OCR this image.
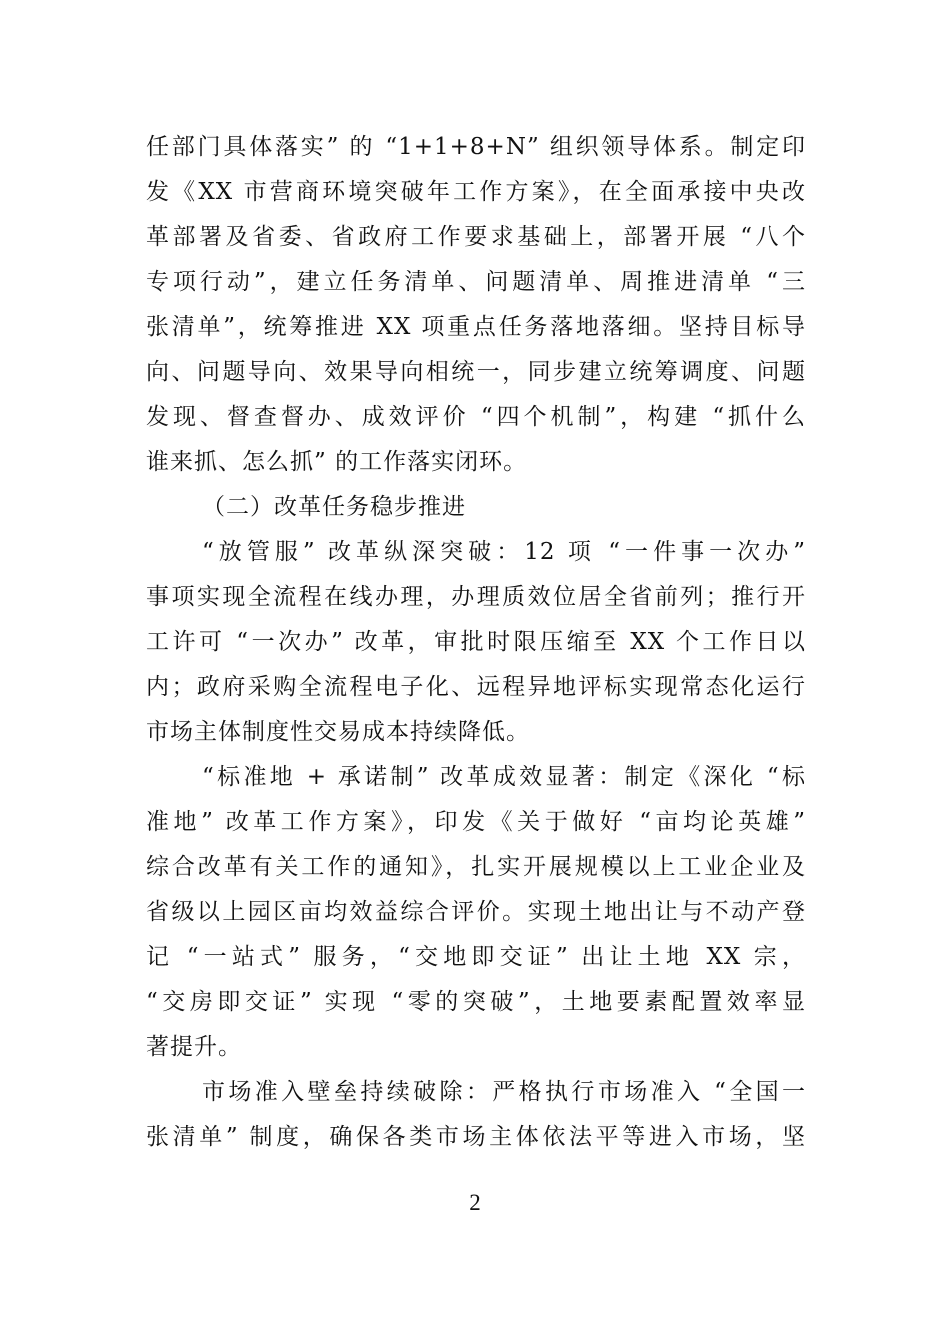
任部门具体落实” 的 “1+1+8+N” 组织领导体系。制定印
发《XX 市营商环境突破年工作方案》，在全面承接中央改
革部署及省委、省政府工作要求基础上，部署开展 “八个
专项行动”，建立任务清单、问题清单、周推进清单 “三
张清单”，统筹推进 XX 项重点任务落地落细。坚持目标导
向、问题导向、效果导向相统一，同步建立统筹调度、问题
发现、督查督办、成效评价 “四个机制”，构建 “抓什么
谁来抓、怎么抓” 的工作落实闭环。
（二）改革任务稳步推进
“放管服” 改革纵深突破：12 项 “一件事一次办”
事项实现全流程在线办理，办理质效位居全省前列；推行开
工许可 “一次办” 改革，审批时限压缩至 XX 个工作日以
内；政府采购全流程电子化、远程异地评标实现常态化运行
市场主体制度性交易成本持续降低。
“标准地 + 承诺制” 改革成效显著：制定《深化 “标
准地” 改革工作方案》，印发《关于做好 “亩均论英雄”
综合改革有关工作的通知》，扎实开展规模以上工业企业及
省级以上园区亩均效益综合评价。实现土地出让与不动产登
记 “一站式” 服务，“交地即交证” 出让土地 XX 宗，
“交房即交证” 实现 “零的突破”，土地要素配置效率显
著提升。
市场准入壁垒持续破除：严格执行市场准入 “全国一
张清单” 制度，确保各类市场主体依法平等进入市场，坚
2
